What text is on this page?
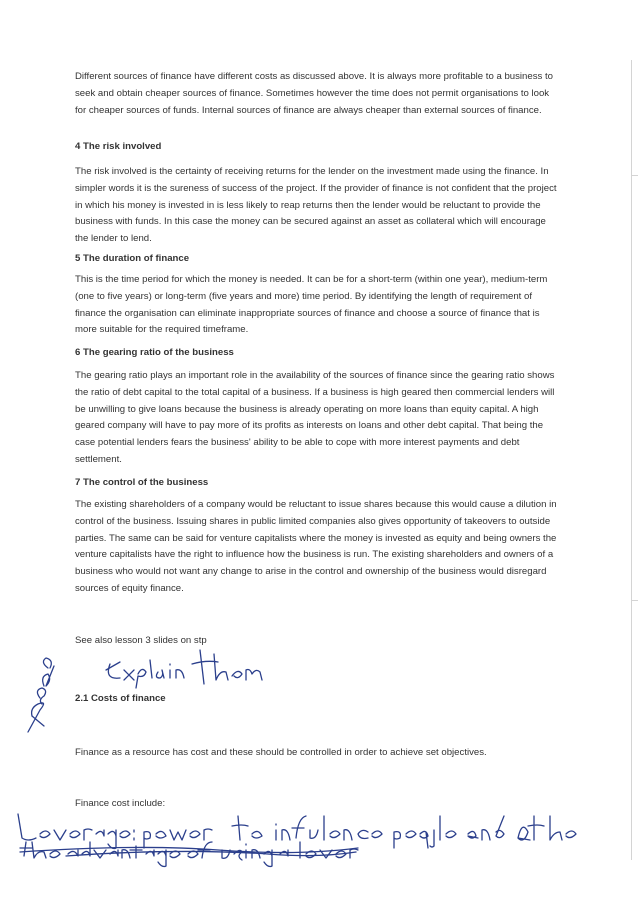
Different sources of finance have different costs as discussed above. It is always more profitable to a business to seek and obtain cheaper sources of finance. Sometimes however the time does not permit organisations to look for cheaper sources of funds. Internal sources of finance are always cheaper than external sources of finance.

4 The risk involved

The risk involved is the certainty of receiving returns for the lender on the investment made using the finance. In simpler words it is the sureness of success of the project. If the provider of finance is not confident that the project in which his money is invested in is less likely to reap returns then the lender would be reluctant to provide the business with funds. In this case the money can be secured against an asset as collateral which will encourage the lender to lend.

5 The duration of finance

This is the time period for which the money is needed. It can be for a short-term (within one year), medium-term (one to five years) or long-term (five years and more) time period. By identifying the length of requirement of finance the organisation can eliminate inappropriate sources of finance and choose a source of finance that is more suitable for the required timeframe.

6 The gearing ratio of the business

The gearing ratio plays an important role in the availability of the sources of finance since the gearing ratio shows the ratio of debt capital to the total capital of a business. If a business is high geared then commercial lenders will be unwilling to give loans because the business is already operating on more loans than equity capital. A high geared company will have to pay more of its profits as interests on loans and other debt capital. That being the case potential lenders fears the business' ability to be able to cope with more interest payments and debt settlement.

7 The control of the business

The existing shareholders of a company would be reluctant to issue shares because this would cause a dilution in control of the business. Issuing shares in public limited companies also gives opportunity of takeovers to outside parties. The same can be said for venture capitalists where the money is invested as equity and being owners the venture capitalists have the right to influence how the business is run. The existing shareholders and owners of a business who would not want any change to arise in the control and ownership of the business would disregard sources of equity finance.

See also lesson 3 slides on stp

2.1 Costs of finance

Finance as a resource has cost and these should be controlled in order to achieve set objectives.

Finance cost include:
